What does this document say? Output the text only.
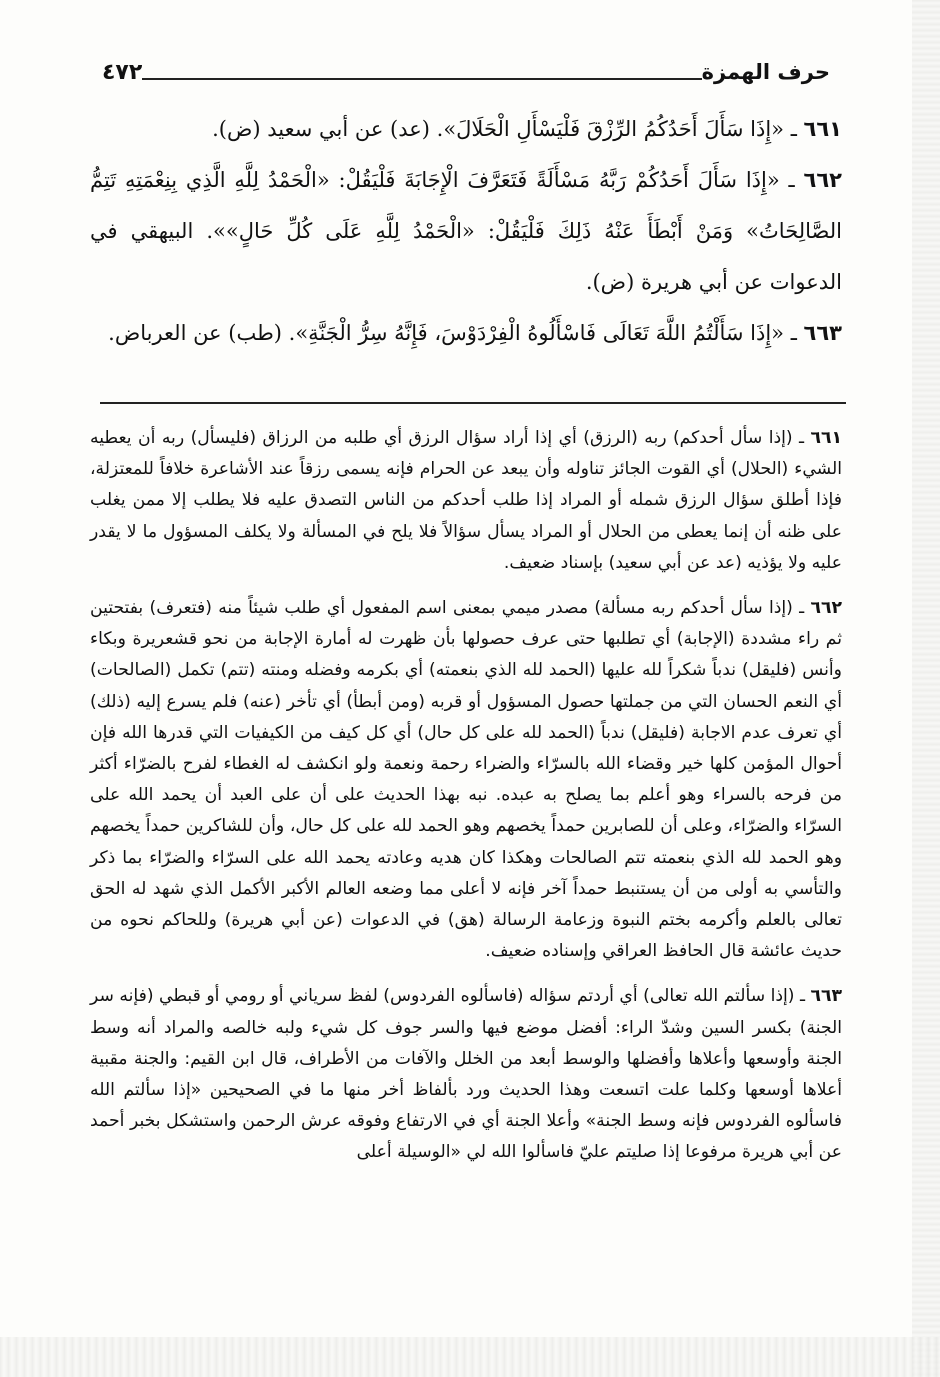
حرف الهمزة
٤٧٢

٦٦١ ـ «إِذَا سَأَلَ أَحَدُكُمُ الرِّزْقَ فَلْيَسْأَلِ الْحَلَالَ». (عد) عن أبي سعيد (ض).

٦٦٢ ـ «إِذَا سَأَلَ أَحَدُكُمْ رَبَّهُ مَسْأَلَةً فَتَعَرَّفَ الْإِجَابَةَ فَلْيَقُلْ: «الْحَمْدُ لِلَّهِ الَّذِي بِنِعْمَتِهِ تَتِمُّ الصَّالِحَاتُ» وَمَنْ أَبْطَأَ عَنْهُ ذَلِكَ فَلْيَقُلْ: «الْحَمْدُ لِلَّهِ عَلَى كُلِّ حَالٍ»». البيهقي في الدعوات عن أبي هريرة (ض).

٦٦٣ ـ «إِذَا سَأَلْتُمُ اللَّهَ تَعَالَى فَاسْأَلُوهُ الْفِرْدَوْسَ، فَإِنَّهُ سِرُّ الْجَنَّةِ». (طب) عن العرباض.

٦٦١ ـ (إذا سأل أحدكم) ربه (الرزق) أي إذا أراد سؤال الرزق أي طلبه من الرزاق (فليسأل) ربه أن يعطيه الشيء (الحلال) أي القوت الجائز تناوله وأن يبعد عن الحرام فإنه يسمى رزقاً عند الأشاعرة خلافاً للمعتزلة، فإذا أطلق سؤال الرزق شمله أو المراد إذا طلب أحدكم من الناس التصدق عليه فلا يطلب إلا ممن يغلب على ظنه أن إنما يعطى من الحلال أو المراد يسأل سؤالاً فلا يلح في المسألة ولا يكلف المسؤول ما لا يقدر عليه ولا يؤذيه (عد عن أبي سعيد) بإسناد ضعيف.

٦٦٢ ـ (إذا سأل أحدكم ربه مسألة) مصدر ميمي بمعنى اسم المفعول أي طلب شيئاً منه (فتعرف) بفتحتين ثم راء مشددة (الإجابة) أي تطلبها حتى عرف حصولها بأن ظهرت له أمارة الإجابة من نحو قشعريرة وبكاء وأنس (فليقل) ندباً شكراً لله عليها (الحمد لله الذي بنعمته) أي بكرمه وفضله ومنته (تتم) تكمل (الصالحات) أي النعم الحسان التي من جملتها حصول المسؤول أو قربه (ومن أبطأ) أي تأخر (عنه) فلم يسرع إليه (ذلك) أي تعرف عدم الاجابة (فليقل) ندباً (الحمد لله على كل حال) أي كل كيف من الكيفيات التي قدرها الله فإن أحوال المؤمن كلها خير وقضاء الله بالسرّاء والضراء رحمة ونعمة ولو انكشف له الغطاء لفرح بالضرّاء أكثر من فرحه بالسراء وهو أعلم بما يصلح به عبده. نبه بهذا الحديث على أن على العبد أن يحمد الله على السرّاء والضرّاء، وعلى أن للصابرين حمداً يخصهم وهو الحمد لله على كل حال، وأن للشاكرين حمداً يخصهم وهو الحمد لله الذي بنعمته تتم الصالحات وهكذا كان هديه وعادته يحمد الله على السرّاء والضرّاء بما ذكر والتأسي به أولى من أن يستنبط حمداً آخر فإنه لا أعلى مما وضعه العالم الأكبر الأكمل الذي شهد له الحق تعالى بالعلم وأكرمه بختم النبوة وزعامة الرسالة (هق) في الدعوات (عن أبي هريرة) وللحاكم نحوه من حديث عائشة قال الحافظ العراقي وإسناده ضعيف.

٦٦٣ ـ (إذا سألتم الله تعالى) أي أردتم سؤاله (فاسألوه الفردوس) لفظ سرياني أو رومي أو قبطي (فإنه سر الجنة) بكسر السين وشدّ الراء: أفضل موضع فيها والسر جوف كل شيء ولبه خالصه والمراد أنه وسط الجنة وأوسعها وأعلاها وأفضلها والوسط أبعد من الخلل والآفات من الأطراف، قال ابن القيم: والجنة مقبية أعلاها أوسعها وكلما علت اتسعت وهذا الحديث ورد بألفاظ أخر منها ما في الصحيحين «إذا سألتم الله فاسألوه الفردوس فإنه وسط الجنة» وأعلا الجنة أي في الارتفاع وفوقه عرش الرحمن واستشكل بخبر أحمد عن أبي هريرة مرفوعا إذا صليتم عليّ فاسألوا الله لي «الوسيلة أعلى
